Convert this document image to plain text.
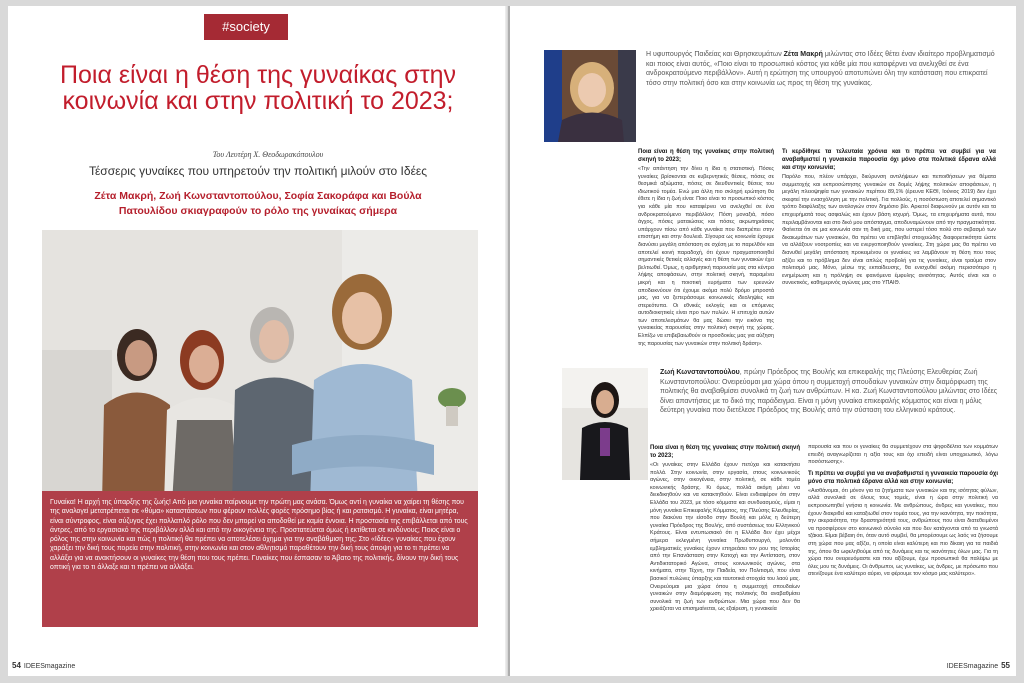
#society
Ποια είναι η θέση της γυναίκας στην κοινωνία και στην πολιτική το 2023;
Του Λευτέρη Χ. Θεοδωρακόπουλου
Τέσσερις γυναίκες που υπηρετούν την πολιτική μιλούν στο Ιδέες
Ζέτα Μακρή, Ζωή Κωνσταντοπούλου, Σοφία Σακοράφα και Βούλα Πατουλίδου σκιαγραφούν το ρόλο της γυναίκας σήμερα

Γυναίκα! Η αρχή της ύπαρξης της ζωής! Από μια γυναίκα παίρνουμε την πρώτη μας ανάσα. Όμως αντί η γυναίκα να χαίρει τη θέσης που της αναλογεί μετατρέπεται σε «θύμα» καταστάσεων που φέρουν πολλές φορές πρόσημο βίας ή και ρατσισμό. Η γυναίκα, είναι μητέρα, είναι σύντροφος, είναι σύζυγος έχει πολλαπλό ρόλο που δεν μπορεί να αποδοθεί με καμία έννοια. Η προστασία της επιβάλλεται από τους άντρες, από το εργασιακό της περιβάλλον αλλά και από την οικογένεια της. Προστατεύεται όμως ή εκτίθεται σε κινδύνους; Ποιος είναι ο ρόλος της στην κοινωνία και πώς η πολιτική θα πρέπει να αποτελέσει όχημα για την αναβάθμιση της; Στο «Ιδέες» γυναίκες που έχουν χαράξει την δική τους πορεία στην πολιτική, στην κοινωνία και στον αθλητισμό παραθέτουν την δική τους άποψη για το τι πρέπει να αλλάξει για να ανακτήσουν οι γυναίκες την θέση που τους πρέπει. Γυναίκες που έσπασαν το Άβατο της πολιτικής, δίνουν την δική τους οπτική για το τι άλλαξε και τι πρέπει να αλλάξει.

54 IDEESmagazine
Η υφυπουργός Παιδείας και Θρησκευμάτων Ζέτα Μακρή μιλώντας στο Ιδέες θέτει έναν ιδιαίτερο προβληματισμό και ποιος είναι αυτός, «Ποιο είναι το προσωπικό κόστος για κάθε μία που καταφέρνει να ανελιχθεί σε ένα ανδροκρατούμενο περιβάλλον». Αυτή η ερώτηση της υπουργού αποτυπώνει όλη την κατάσταση που επικρατεί τόσο στην πολιτική όσο και στην κοινωνία ως προς τη θέση της γυναίκας.
Ποια είναι η θέση της γυναίκας στην πολιτική σκηνή το 2023;

«Την απάντηση την δίνει η ίδια η στατιστική. Πόσες γυναίκες βρίσκονται σε κυβερνητικές θέσεις, πόσες σε θεσμικά αξιώματα, πόσες σε διευθυντικές θέσεις του ιδιωτικού τομέα. Ενώ μια άλλη πιο σκληρή ερώτηση θα έθετε η ίδια η ζωή είναι: Ποιο είναι το προσωπικό κόστος για κάθε μία που καταφέρνει να ανελιχθεί σε ένα ανδροκρατούμενο περιβάλλον; Πόση μοναξιά, πόσο άγχος, πόσες ματαιώσεις και πόσες ακρωτηριάσεις υπάρχουν πίσω από κάθε γυναίκα που διαπρέπει στην επιστήμη και στην δουλειά. Σίγουρα ως κοινωνία έχουμε διανύσει μεγάλη απόσταση σε σχέση με το παρελθόν και αποτελεί κοινή παραδοχή, ότι έχουν πραγματοποιηθεί σημαντικές θετικές αλλαγές και η θέση των γυναικών έχει βελτιωθεί. Όμως, η αριθμητική παρουσία μας στα κέντρα λήψης αποφάσεων, στην πολιτική σκηνή, παραμένει μικρή και η ποιοτική ευρήματα των ερευνών αποδεικνύουν ότι έχουμε ακόμα πολύ δρόμο μπροστά μας, για να ξεπεράσουμε κοινωνικές ιδεοληψίες και στερεότυπα. Οι εθνικές εκλογές και οι επόμενες αυτοδιοικητικές είναι προ των πυλών. Η επιτυχία αυτών των αποτελεσμάτων θα μας δώσει την εικόνα της γυναικείας παρουσίας στην πολιτική σκηνή της χώρας. Ελπίζω να επιβεβαιωθούν οι προσδοκίες μας για αύξηση της παρουσίας των γυναικών στην πολιτική δράση».

Τι κερδίθηκε τα τελευταία χρόνια και τι πρέπει να συμβεί για να αναβαθμιστεί η γυναικεία παρουσία όχι μόνο στα πολιτικά έδρανα αλλά και στην κοινωνία;

Παρόλο που, πλέον υπάρχει, διεύρυνση αντιλήψεων και πεποιθήσεων για θέματα συμμετοχής και εκπροσώπησης γυναικών σε δομές λήψης πολιτικών αποφάσεων, η μεγάλη πλειοψηφία των γυναικών περίπου 89,1% (έρευνα ΚΕΘΙ, Ιούνιος 2019) δεν έχει σκεφτεί την ενασχόληση με την πολιτική. Για πολλούς, η ποσόστωση αποτελεί σημαντικό τρόπο διαφύλαξης των αναλογιών στον δημόσιο βίο. Αρκετοί διαφωνούν με αυτόν και τα επιχειρήματά τους ασφαλώς και έχουν βάση ισχυρή. Όμως, τα επιχειρήματα αυτά, που περιλαμβάνονται και στο δικό μου απόσταγμα, αποδυναμώνουν από την πραγματικότητα. Φαίνεται ότι σε μια κοινωνία σαν τη δική μας, που υστερεί τόσο πολύ στο σεβασμό των δικαιωμάτων των γυναικών, θα πρέπει να επιβληθεί στοιχειώδης διαφορετικότητα ώστε να αλλάξουν νοοτροπίες και να ενεργοποιηθούν γυναίκες. Στη χώρα μας θα πρέπει να διανυθεί μεγάλη απόσταση προκειμένου οι γυναίκες να λαμβάνουν τη θέση που τους αξίζει και το πρόβλημα δεν είναι απλώς προβολή για τις γυναίκες, είναι τραύμα στον πολιτισμό μας. Μόνο, μέσω της εκπαίδευσης, θα ενισχυθεί ακόμη περισσότερο η ενημέρωση και η πρόληψη σε φαινόμενα έμφυλης ανισότητας. Αυτός είναι και ο συνεκτικός, καθημερινός αγώνας μας στο ΥΠΑΙΘ.

Ζωή Κωνσταντοπούλου, πρώην Πρόεδρος της Βουλής και επικεφαλής της Πλεύσης Ελευθερίας Ζωή Κωνσταντοπούλου: Ονειρεύομαι μια χώρα όπου η συμμετοχή σπουδαίων γυναικών στην διαμόρφωση της πολιτικής θα αναβαθμίσει συνολικά τη ζωή των ανθρώπων. Η κα. Ζωή Κωνσταντοπούλου μιλώντας στο Ιδέες δίνει απαντήσεις με το δικό της παράδειγμα. Είναι η μόνη γυναίκα επικεφαλής κόμματος και είναι η μόλις δεύτερη γυναίκα που διετέλεσε Πρόεδρος της Βουλής από την σύσταση του ελληνικού κράτους.
Ποια είναι η θέση της γυναίκας στην πολιτική σκηνή το 2023;

«Οι γυναίκες στην Ελλάδα έχουν πετύχει και κατακτήσει πολλά. Στην κοινωνία, στην εργασία, στους κοινωνικούς αγώνες, στην οικογένεια, στην πολιτική, σε κάθε τομέα κοινωνικής δράσης. Κι όμως, πολλά ακόμη μένει να διεκδικηθούν και να κατακτηθούν. Είναι ενδιαφέρον ότι στην Ελλάδα του 2023, με τόσο κόμματα και συνδυασμούς, είμαι η μόνη γυναίκα Επικεφαλής Κόμματος, της Πλεύσης Ελευθερίας, που διακύνει την είσοδο στην Βουλή και μόλις η δεύτερη γυναίκα Πρόεδρος της Βουλής, από συστάσεως του Ελληνικού Κράτους. Είναι εντυπωσιακό ότι η Ελλάδα δεν έχει μέχρι σήμερα εκλεγμένη γυναίκα Πρωθυπουργό, μολονότι εμβληματικές γυναίκες έχουν επηρεάσει τον ρου της Ιστορίας από την Επανάσταση στην Κατοχή και την Αντίσταση, στον Αντιδικτατορικό Αγώνα, στους κοινωνικούς αγώνες, στα κινήματα, στην Τέχνη, την Παιδεία, τον Πολιτισμό, που είναι βασικοί πυλώνες ύπαρξης και ταυτοτικά στοιχεία του λαού μας. Ονειρεύομαι μια χώρα όπου η συμμετοχή σπουδαίων γυναικών στην διαμόρφωση της πολιτικής θα αναβαθμίσει συνολικά τη ζωή των ανθρώπων. Μια χώρα που δεν θα χρειάζεται να επισημαίνεται, ως εξαίρεση, η γυναικεία

παρουσία και που οι γυναίκες θα συμμετέχουν στα ψηφοδέλτια των κομμάτων επειδή αναγνωρίζεται η αξία τους και όχι επειδή είναι υποχρεωτικό, λόγω ποσόστωσης».

Τι πρέπει να συμβεί για να αναβαθμιστεί η γυναικεία παρουσία όχι μόνο στα πολιτικά έδρανα αλλά και στην κοινωνία;

«Αισθάνομαι, ότι μόνον για τα ζητήματα των γυναικών και της ισότητας φύλων, αλλά συνολικά σε όλους τους τομείς, είναι η ώρα στην πολιτική να εκπροσωπηθεί γνήσια η κοινωνία. Με ανθρώπους, άνδρες και γυναίκες, που έχουν διακριθεί και καταξιωθεί στον τομέα τους, για την ικανότητα, την ποιότητα, την ακεραιότητα, την δραστηριότητά τους, ανθρώπους που είναι διατεθειμένοι να προσφέρουν στο κοινωνικό σύνολο και που δεν κατάγονται από τα γνωστά τζάκια. Είμαι βέβαιη ότι, όταν αυτό συμβεί, θα μπορέσουμε ως λαός να ζήσουμε στη χώρα που μας αξίζει, η οποία είναι καλύτερη και πιο δίκαιη για τα παιδιά της, όπου θα ωφεληθούμε από τις δυνάμεις και τις ικανότητες όλων μας. Για τη χώρα που ονειρευόμαστε και που αξίζουμε, έχω προσωπικά θα παλέψω με όλες μου τις δυνάμεις. Οι άνθρωποι, ως γυναίκες, ως άνδρες, με πρόσωπο που ατενίζουμε ένα καλύτερο αύριο, να φέρουμε τον κόσμο μας καλύτερο».

IDEESmagazine 55
